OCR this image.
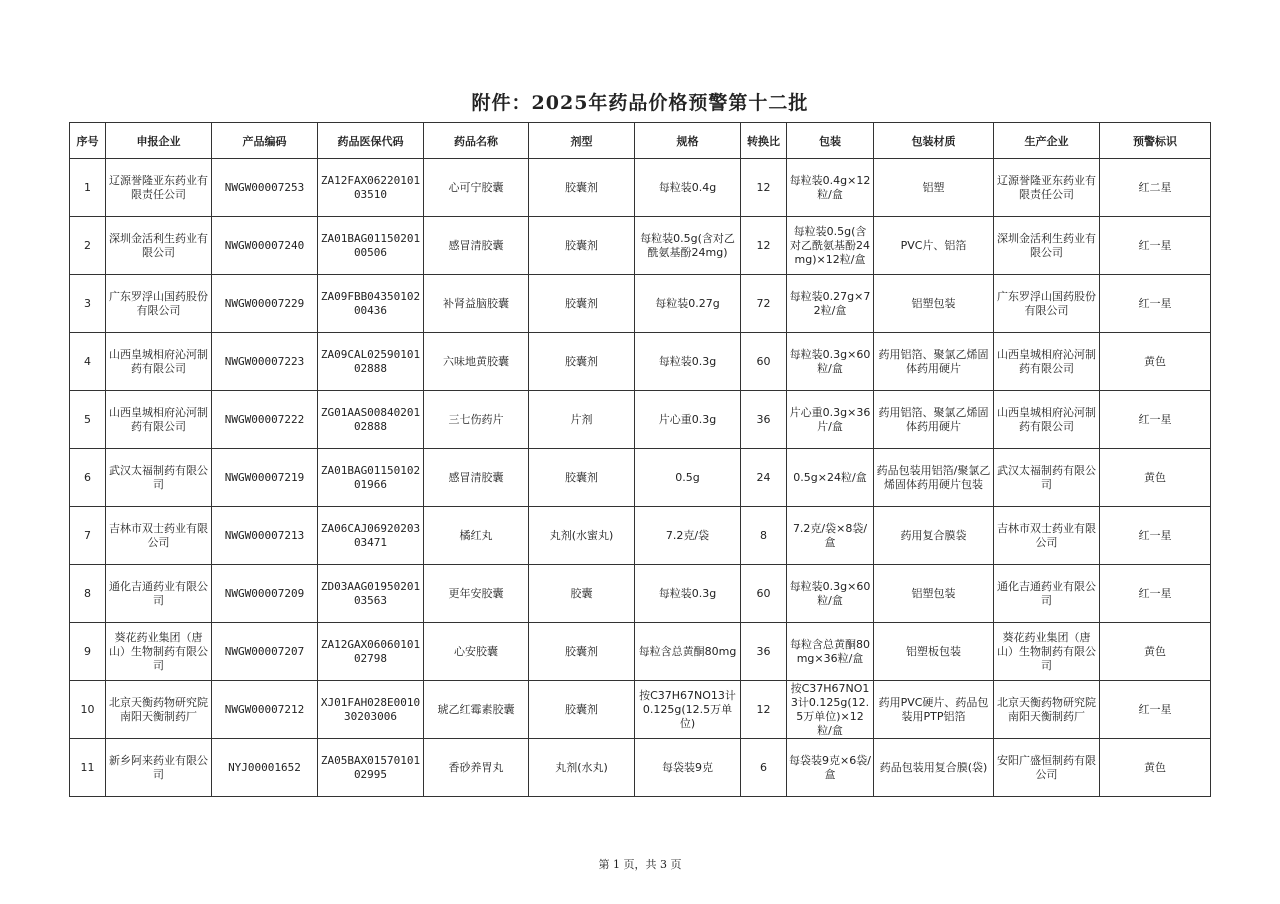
附件：2025年药品价格预警第十二批
序号	申报企业	产品编码	药品医保代码	药品名称	剂型	规格	转换比	包装	包装材质	生产企业	预警标识
1	辽源誉隆亚东药业有限责任公司	NWGW00007253	ZA12FAX0622010103510	心可宁胶囊	胶囊剂	每粒装0.4g	12	每粒装0.4g×12粒/盒	铝塑	辽源誉隆亚东药业有限责任公司	红二星
2	深圳金活利生药业有限公司	NWGW00007240	ZA01BAG0115020100506	感冒清胶囊	胶囊剂	每粒装0.5g(含对乙酰氨基酚24mg)	12	每粒装0.5g(含对乙酰氨基酚24mg)×12粒/盒	PVC片、铝箔	深圳金活利生药业有限公司	红一星
3	广东罗浮山国药股份有限公司	NWGW00007229	ZA09FBB0435010200436	补肾益脑胶囊	胶囊剂	每粒装0.27g	72	每粒装0.27g×72粒/盒	铝塑包装	广东罗浮山国药股份有限公司	红一星
4	山西皇城相府沁河制药有限公司	NWGW00007223	ZA09CAL0259010102888	六味地黄胶囊	胶囊剂	每粒装0.3g	60	每粒装0.3g×60粒/盒	药用铝箔、聚氯乙烯固体药用硬片	山西皇城相府沁河制药有限公司	黄色
5	山西皇城相府沁河制药有限公司	NWGW00007222	ZG01AAS0084020102888	三七伤药片	片剂	片心重0.3g	36	片心重0.3g×36片/盒	药用铝箔、聚氯乙烯固体药用硬片	山西皇城相府沁河制药有限公司	红一星
6	武汉太福制药有限公司	NWGW00007219	ZA01BAG0115010201966	感冒清胶囊	胶囊剂	0.5g	24	0.5g×24粒/盒	药品包装用铝箔/聚氯乙烯固体药用硬片包装	武汉太福制药有限公司	黄色
7	吉林市双士药业有限公司	NWGW00007213	ZA06CAJ0692020303471	橘红丸	丸剂(水蜜丸)	7.2克/袋	8	7.2克/袋×8袋/盒	药用复合膜袋	吉林市双士药业有限公司	红一星
8	通化吉通药业有限公司	NWGW00007209	ZD03AAG0195020103563	更年安胶囊	胶囊	每粒装0.3g	60	每粒装0.3g×60粒/盒	铝塑包装	通化吉通药业有限公司	红一星
9	葵花药业集团（唐山）生物制药有限公司	NWGW00007207	ZA12GAX0606010102798	心安胶囊	胶囊剂	每粒含总黄酮80mg	36	每粒含总黄酮80mg×36粒/盒	铝塑板包装	葵花药业集团（唐山）生物制药有限公司	黄色
10	北京天衡药物研究院南阳天衡制药厂	NWGW00007212	XJ01FAH028E001030203006	琥乙红霉素胶囊	胶囊剂	按C37H67NO13计0.125g(12.5万单位)	12	按C37H67NO13计0.125g(12.5万单位)×12粒/盒	药用PVC硬片、药品包装用PTP铝箔	北京天衡药物研究院南阳天衡制药厂	红一星
11	新乡阿来药业有限公司	NYJ00001652	ZA05BAX0157010102995	香砂养胃丸	丸剂(水丸)	每袋装9克	6	每袋装9克×6袋/盒	药品包装用复合膜(袋)	安阳广盛恒制药有限公司	黄色
第 1 页，共 3 页
